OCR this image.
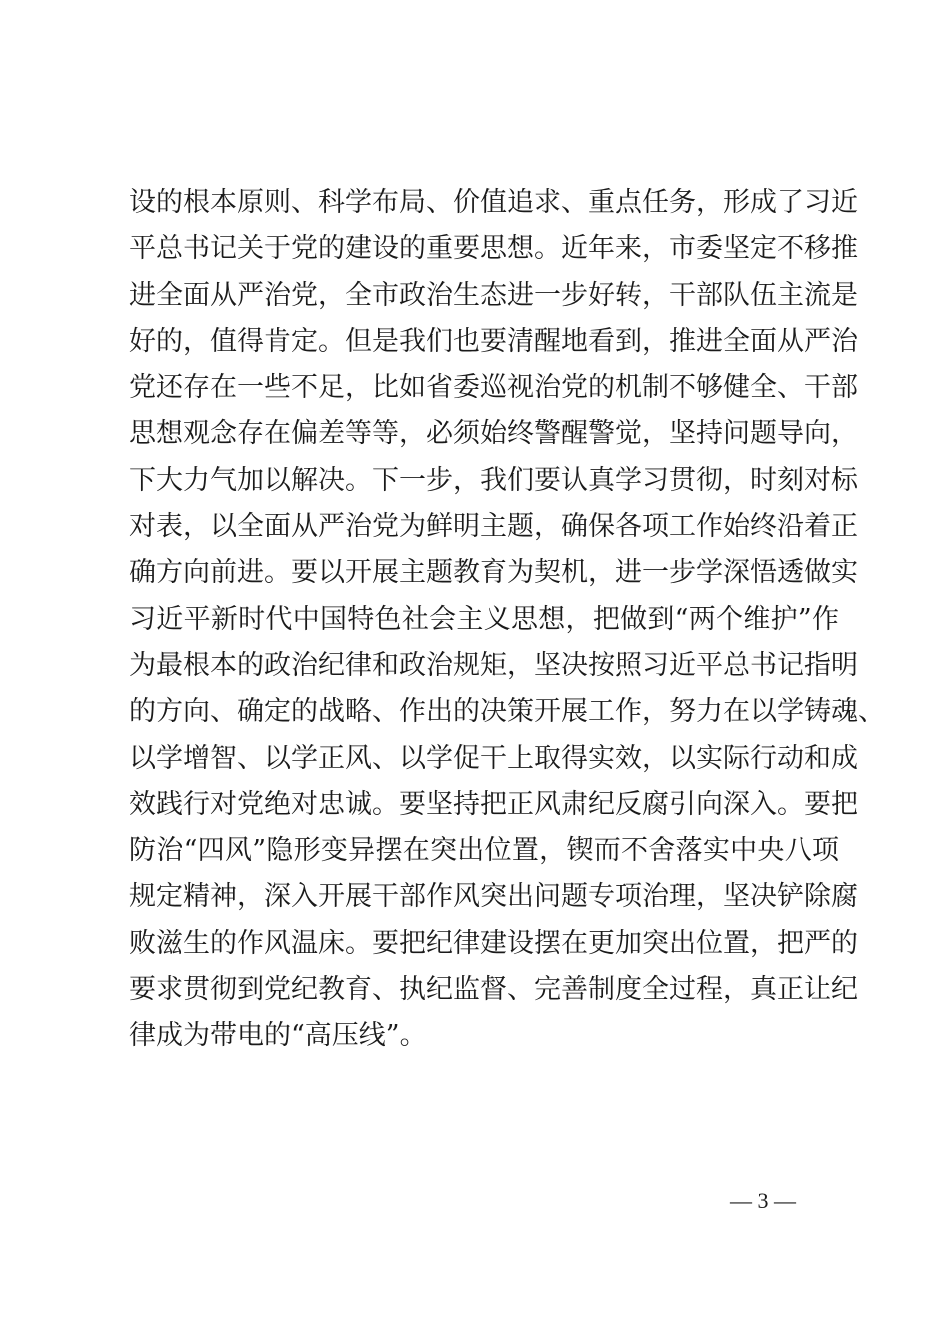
设的根本原则、科学布局、价值追求、重点任务，形成了习近
平总书记关于党的建设的重要思想。近年来，市委坚定不移推
进全面从严治党，全市政治生态进一步好转，干部队伍主流是
好的，值得肯定。但是我们也要清醒地看到，推进全面从严治
党还存在一些不足，比如省委巡视治党的机制不够健全、干部
思想观念存在偏差等等，必须始终警醒警觉，坚持问题导向，
下大力气加以解决。下一步，我们要认真学习贯彻，时刻对标
对表，以全面从严治党为鲜明主题，确保各项工作始终沿着正
确方向前进。要以开展主题教育为契机，进一步学深悟透做实
习近平新时代中国特色社会主义思想，把做到“两个维护”作
为最根本的政治纪律和政治规矩，坚决按照习近平总书记指明
的方向、确定的战略、作出的决策开展工作，努力在以学铸魂、
以学增智、以学正风、以学促干上取得实效，以实际行动和成
效践行对党绝对忠诚。要坚持把正风肃纪反腐引向深入。要把
防治“四风”隐形变异摆在突出位置，锲而不舍落实中央八项
规定精神，深入开展干部作风突出问题专项治理，坚决铲除腐
败滋生的作风温床。要把纪律建设摆在更加突出位置，把严的
要求贯彻到党纪教育、执纪监督、完善制度全过程，真正让纪
律成为带电的“高压线”。
— 3 —
